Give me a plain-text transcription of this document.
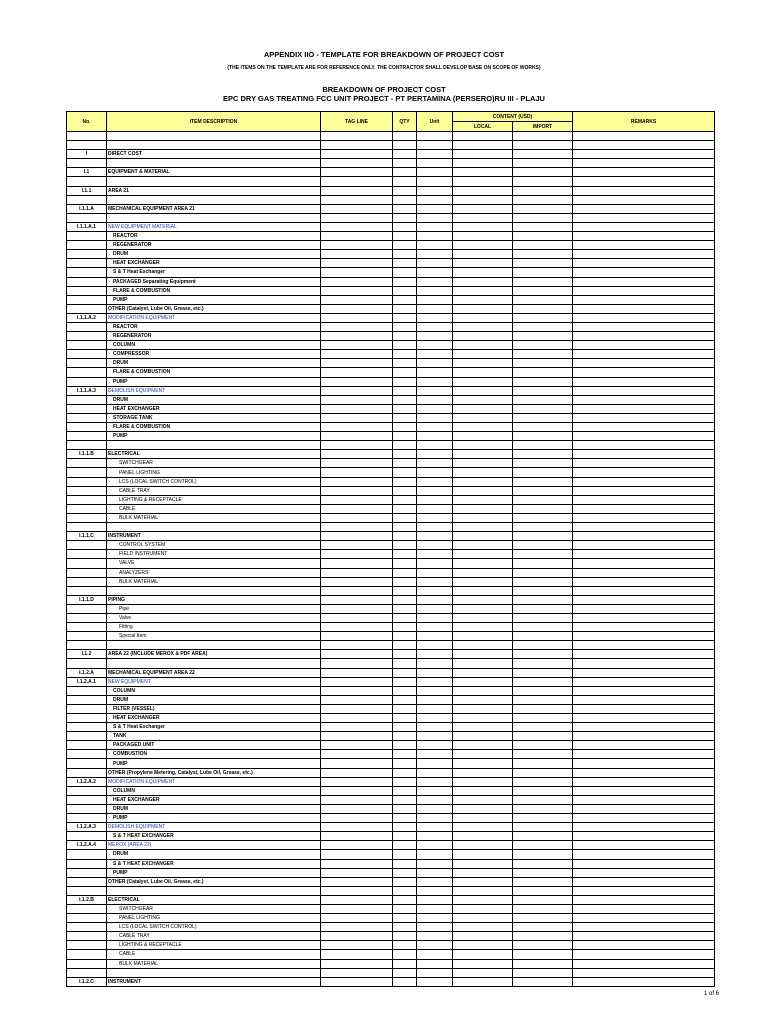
APPENDIX IIO - TEMPLATE FOR BREAKDOWN OF PROJECT COST
(THE ITEMS ON THE TEMPLATE ARE FOR REFERENCE ONLY. THE CONTRACTOR SHALL DEVELOP BASE ON SCOPE OF WORKS)
BREAKDOWN OF PROJECT COST
EPC DRY GAS TREATING FCC UNIT PROJECT - PT PERTAMINA (PERSERO)RU III - PLAJU
No.	ITEM DESCRIPTION	TAG LINE	QTY	Unit	CONTENT (USD)		REMARKS
					LOCAL	IMPORT	

I	DIRECT COST						

I.1	EQUIPMENT & MATERIAL						

I.1.1	AREA 21						

I.1.1.A	MECHANICAL EQUIPMENT AREA 21						

I.1.1.A.1	NEW EQUIPMENT MATERIAL						
	REACTOR						
	REGENERATOR						
	DRUM						
	HEAT EXCHANGER						
	S & T Heat Exchanger						
	PACKAGED Separating Equipment						
	FLARE & COMBUSTION						
	PUMP						
	OTHER (Catalyst, Lube Oil, Grease, etc.)						
I.1.1.A.2	MODIFICATION EQUIPMENT						
	REACTOR						
	REGENERATOR						
	COLUMN						
	COMPRESSOR						
	DRUM						
	FLARE & COMBUSTION						
	PUMP						
I.1.1.A.3	DEMOLISH EQUIPMENT						
	DRUM						
	HEAT EXCHANGER						
	STORAGE TANK						
	FLARE & COMBUSTION						
	PUMP						

I.1.1.B	ELECTRICAL						
	SWITCHGEAR						
	PANEL LIGHTING						
	LCS (LOCAL SWITCH CONTROL)						
	CABLE TRAY						
	LIGHTING & RECEPTACLE						
	CABLE						
	BULK MATERIAL						

I.1.1.C	INSTRUMENT						
	CONTROL SYSTEM						
	FIELD INSTRUMENT						
	VALVE						
	ANALYZERS						
	BULK MATERIAL						

I.1.1.D	PIPING						
	Pipe						
	Valve						
	Fitting						
	Special Item						

I.1.2	AREA 22 (INCLUDE MEROX & PDF AREA)						

I.1.2.A	MECHANICAL EQUIPMENT AREA 22						
I.1.2.A.1	NEW EQUIPMENT						
	COLUMN						
	DRUM						
	FILTER (VESSEL)						
	HEAT EXCHANGER						
	S & T Heat Exchanger						
	TANK						
	PACKAGED UNIT						
	COMBUSTION						
	PUMP						
	OTHER (Propylene Metering, Catalyst, Lube Oil, Grease, etc.)						
I.1.2.A.2	MODIFICATION EQUIPMENT						
	COLUMN						
	HEAT EXCHANGER						
	DRUM						
	PUMP						
I.1.2.A.3	DEMOLISH EQUIPMENT						
	S & T HEAT EXCHANGER						
I.1.2.A.4	MEROX (AREA 22)						
	DRUM						
	S & T HEAT EXCHANGER						
	PUMP						
	OTHER (Catalyst, Lube Oil, Grease, etc.)						

I.1.2.B	ELECTRICAL						
	SWITCHGEAR						
	PANEL LIGHTING						
	LCS (LOCAL SWITCH CONTROL)						
	CABLE TRAY						
	LIGHTING & RECEPTACLE						
	CABLE						
	BULK MATERIAL						

I.1.2.C	INSTRUMENT						
1 of 6
